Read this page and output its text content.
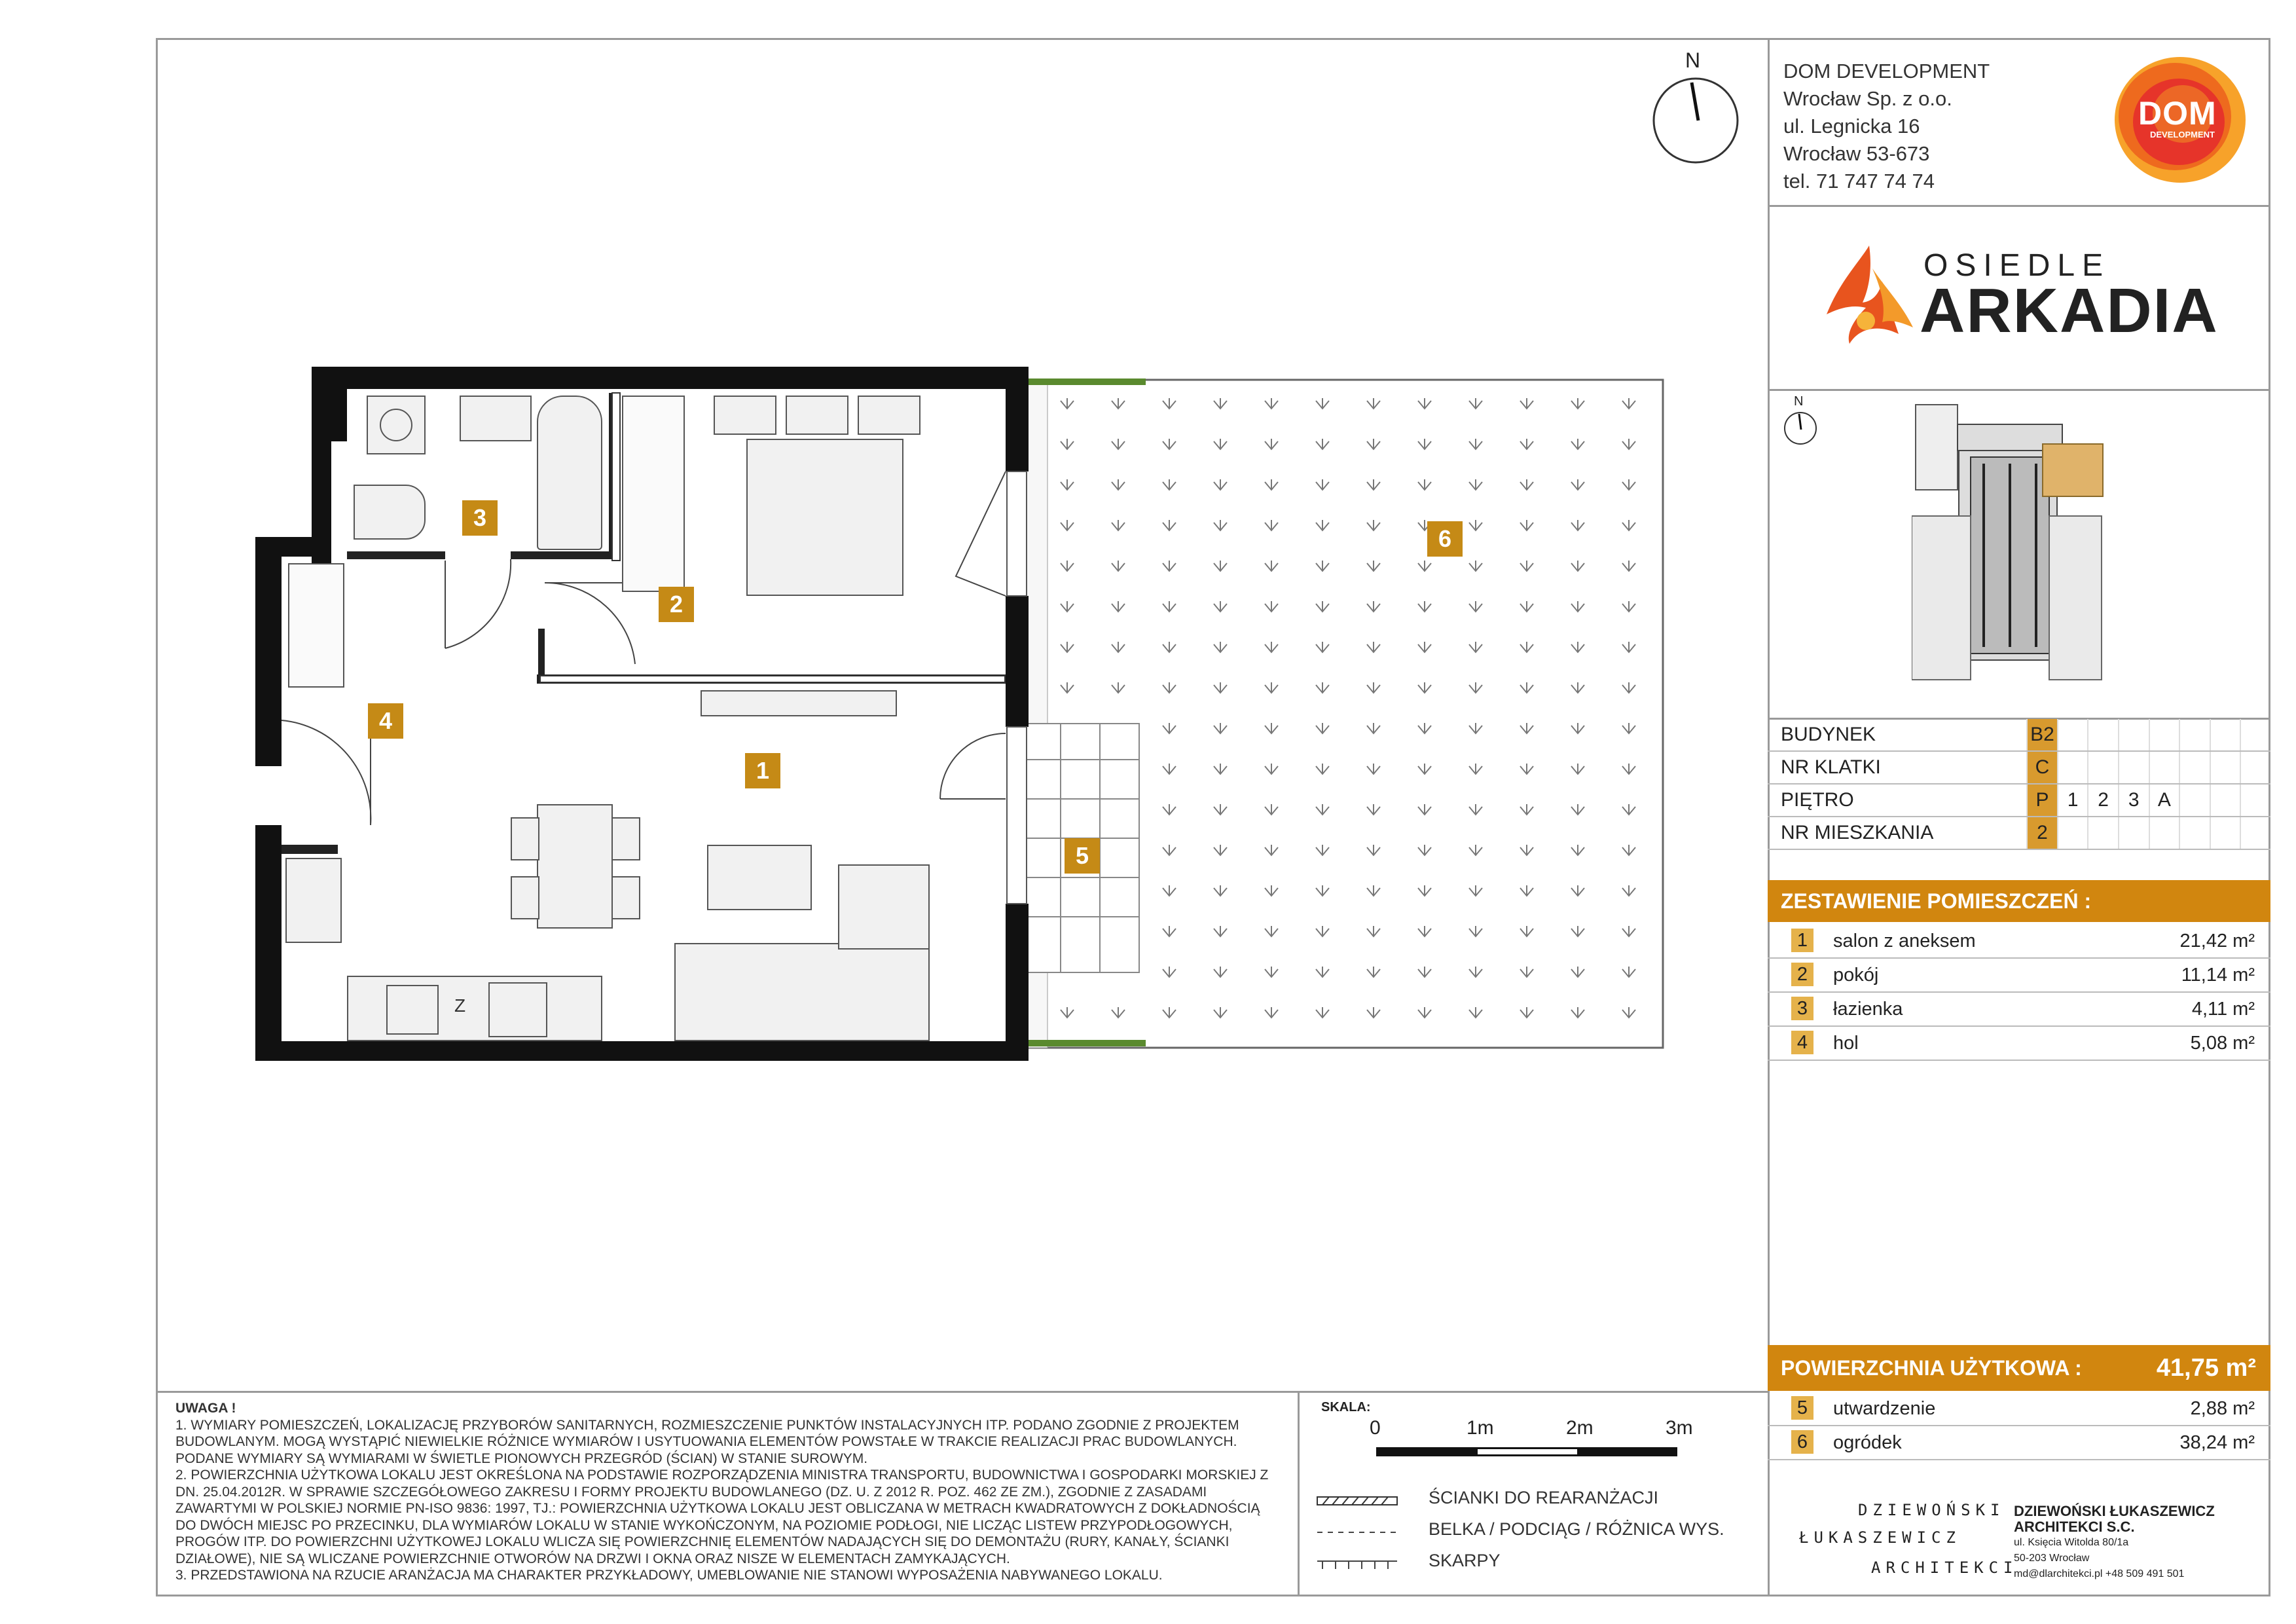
DOM DEVELOPMENT
Wrocław Sp. z o.o.
ul. Legnicka 16
Wrocław 53-673
tel. 71 747 74 74
DOM
DEVELOPMENT
OSIEDLE
ARKADIA
N
BUDYNEK	B2							
NR KLATKI	C							
PIĘTRO	P	1	2	3	A			
NR MIESZKANIA	2							
ZESTAWIENIE POMIESZCZEŃ :
1	salon z aneksem	21,42 m²
2	pokój	11,14 m²
3	łazienka	4,11 m²
4	hol	5,08 m²
POWIERZCHNIA UŻYTKOWA :	41,75 m²
5	utwardzenie	2,88 m²
6	ogródek	38,24 m²
DZIEWOŃSKI
ŁUKASZEWICZ
ARCHITEKCI
DZIEWOŃSKI ŁUKASZEWICZ
ARCHITEKCI S.C.
ul. Księcia Witolda 80/1a
50-203 Wrocław
md@dlarchitekci.pl +48 509 491 501
UWAGA !
1. WYMIARY POMIESZCZEŃ, LOKALIZACJĘ PRZYBORÓW SANITARNYCH, ROZMIESZCZENIE PUNKTÓW INSTALACYJNYCH ITP. PODANO ZGODNIE Z PROJEKTEM BUDOWLANYM. MOGĄ WYSTĄPIĆ NIEWIELKIE RÓŻNICE WYMIARÓW I USYTUOWANIA ELEMENTÓW POWSTAŁE W TRAKCIE REALIZACJI PRAC BUDOWLANYCH. PODANE WYMIARY SĄ WYMIARAMI W ŚWIETLE PIONOWYCH PRZEGRÓD (ŚCIAN) W STANIE SUROWYM.
2. POWIERZCHNIA UŻYTKOWA LOKALU JEST OKREŚLONA NA PODSTAWIE ROZPORZĄDZENIA MINISTRA TRANSPORTU, BUDOWNICTWA I GOSPODARKI MORSKIEJ Z DN. 25.04.2012R. W SPRAWIE SZCZEGÓŁOWEGO ZAKRESU I FORMY PROJEKTU BUDOWLANEGO (DZ. U. Z 2012 R. POZ. 462 ZE ZM.), ZGODNIE Z ZASADAMI ZAWARTYMI W POLSKIEJ NORMIE PN-ISO 9836: 1997, TJ.: POWIERZCHNIA UŻYTKOWA LOKALU JEST OBLICZANA W METRACH KWADRATOWYCH Z DOKŁADNOŚCIĄ DO DWÓCH MIEJSC PO PRZECINKU, DLA WYMIARÓW LOKALU W STANIE WYKOŃCZONYM, NA POZIOMIE PODŁOGI, NIE LICZĄC LISTEW PRZYPODŁOGOWYCH, PROGÓW ITP. DO POWIERZCHNI UŻYTKOWEJ LOKALU WLICZA SIĘ POWIERZCHNIĘ ELEMENTÓW NADAJĄCYCH SIĘ DO DEMONTAŻU (RURY, KANAŁY, ŚCIANKI DZIAŁOWE), NIE SĄ WLICZANE POWIERZCHNIE OTWORÓW NA DRZWI I OKNA ORAZ NISZE W ELEMENTACH ZAMYKAJĄCYCH.
3. PRZEDSTAWIONA NA RZUCIE ARANŻACJA MA CHARAKTER PRZYKŁADOWY, UMEBLOWANIE NIE STANOWI WYPOSAŻENIA NABYWANEGO LOKALU.
SKALA:
0	1m	2m	3m
ŚCIANKI DO REARANŻACJI
BELKA / PODCIĄG / RÓŻNICA WYS.
SKARPY
N
Z
1
2
3
4
5
6
